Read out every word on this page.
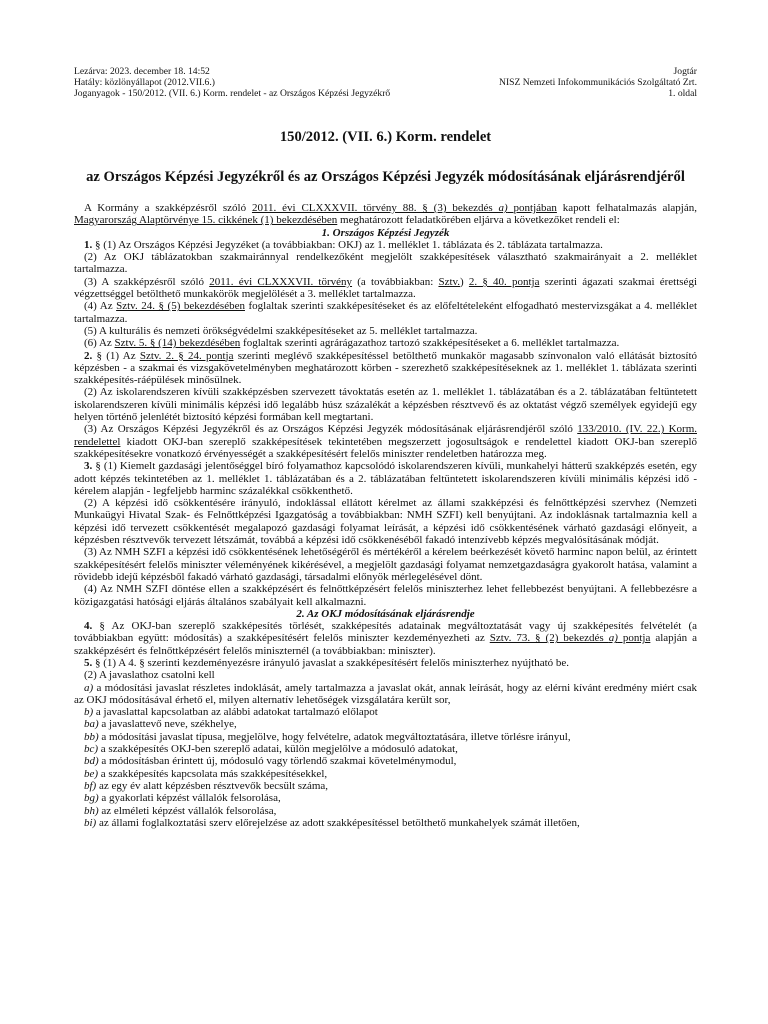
Lezárva: 2023. december 18. 14:52
Hatály: közlönyállapot (2012.VII.6.)
Joganyagok - 150/2012. (VII. 6.) Korm. rendelet - az Országos Képzési Jegyzékrő
Jogtár
NISZ Nemzeti Infokommunikációs Szolgáltató Zrt.
1. oldal
150/2012. (VII. 6.) Korm. rendelet
az Országos Képzési Jegyzékről és az Országos Képzési Jegyzék módosításának eljárásrendjéről

A Kormány a szakképzésről szóló 2011. évi CLXXXVII. törvény 88. § (3) bekezdés a) pontjában kapott felhatalmazás alapján, Magyarország Alaptörvénye 15. cikkének (1) bekezdésében meghatározott feladatkörében eljárva a következőket rendeli el:

1. Országos Képzési Jegyzék

1. § (1) Az Országos Képzési Jegyzéket (a továbbiakban: OKJ) az 1. melléklet 1. táblázata és 2. táblázata tartalmazza.

(2) Az OKJ táblázatokban szakmairánnyal rendelkezőként megjelölt szakképesítések választható szakmairányait a 2. melléklet tartalmazza.

(3) A szakképzésről szóló 2011. évi CLXXXVII. törvény (a továbbiakban: Sztv.) 2. § 40. pontja szerinti ágazati szakmai érettségi végzettséggel betölthető munkakörök megjelölését a 3. melléklet tartalmazza.

(4) Az Sztv. 24. § (5) bekezdésében foglaltak szerinti szakképesítéseket és az előfeltételeként elfogadható mestervizsgákat a 4. melléklet tartalmazza.

(5) A kulturális és nemzeti örökségvédelmi szakképesítéseket az 5. melléklet tartalmazza.

(6) Az Sztv. 5. § (14) bekezdésében foglaltak szerinti agrárágazathoz tartozó szakképesítéseket a 6. melléklet tartalmazza.

2. § (1) Az Sztv. 2. § 24. pontja szerinti meglévő szakképesítéssel betölthető munkakör magasabb színvonalon való ellátását biztosító képzésben - a szakmai és vizsgakövetelményben meghatározott körben - szerezhető szakképesítéseknek az 1. melléklet 1. táblázata szerinti szakképesítés-ráépülések minősülnek.

(2) Az iskolarendszeren kívüli szakképzésben szervezett távoktatás esetén az 1. melléklet 1. táblázatában és a 2. táblázatában feltüntetett iskolarendszeren kívüli minimális képzési idő legalább húsz százalékát a képzésben résztvevő és az oktatást végző személyek egyidejű egy helyen történő jelenlétét biztosító képzési formában kell megtartani.

(3) Az Országos Képzési Jegyzékről és az Országos Képzési Jegyzék módosításának eljárásrendjéről szóló 133/2010. (IV. 22.) Korm. rendelettel kiadott OKJ-ban szereplő szakképesítések tekintetében megszerzett jogosultságok e rendelettel kiadott OKJ-ban szereplő szakképesítésekre vonatkozó érvényességét a szakképesítésért felelős miniszter rendeletben határozza meg.

3. § (1) Kiemelt gazdasági jelentőséggel bíró folyamathoz kapcsolódó iskolarendszeren kívüli, munkahelyi hátterű szakképzés esetén, egy adott képzés tekintetében az 1. melléklet 1. táblázatában és a 2. táblázatában feltüntetett iskolarendszeren kívüli minimális képzési idő - kérelem alapján - legfeljebb harminc százalékkal csökkenthető.

(2) A képzési idő csökkentésére irányuló, indoklással ellátott kérelmet az állami szakképzési és felnőttképzési szervhez (Nemzeti Munkaügyi Hivatal Szak- és Felnőttképzési Igazgatóság a továbbiakban: NMH SZFI) kell benyújtani. Az indoklásnak tartalmaznia kell a képzési idő tervezett csökkentését megalapozó gazdasági folyamat leírását, a képzési idő csökkentésének várható gazdasági előnyeit, a képzésben résztvevők tervezett létszámát, továbbá a képzési idő csökkenéséből fakadó intenzívebb képzés megvalósításának módját.

(3) Az NMH SZFI a képzési idő csökkentésének lehetőségéről és mértékéről a kérelem beérkezését követő harminc napon belül, az érintett szakképesítésért felelős miniszter véleményének kikérésével, a megjelölt gazdasági folyamat nemzetgazdaságra gyakorolt hatása, valamint a rövidebb idejű képzésből fakadó várható gazdasági, társadalmi előnyök mérlegelésével dönt.

(4) Az NMH SZFI döntése ellen a szakképzésért és felnőttképzésért felelős miniszterhez lehet fellebbezést benyújtani. A fellebbezésre a közigazgatási hatósági eljárás általános szabályait kell alkalmazni.

2. Az OKJ módosításának eljárásrendje

4. § Az OKJ-ban szereplő szakképesítés törlését, szakképesítés adatainak megváltoztatását vagy új szakképesítés felvételét (a továbbiakban együtt: módosítás) a szakképesítésért felelős miniszter kezdeményezheti az Sztv. 73. § (2) bekezdés a) pontja alapján a szakképzésért és felnőttképzésért felelős miniszternél (a továbbiakban: miniszter).

5. § (1) A 4. § szerinti kezdeményezésre irányuló javaslat a szakképesítésért felelős miniszterhez nyújtható be.

(2) A javaslathoz csatolni kell

a) a módosítási javaslat részletes indoklását, amely tartalmazza a javaslat okát, annak leírását, hogy az elérni kívánt eredmény miért csak az OKJ módosításával érhető el, milyen alternatív lehetőségek vizsgálatára került sor,

b) a javaslattal kapcsolatban az alábbi adatokat tartalmazó előlapot

ba) a javaslattevő neve, székhelye,

bb) a módosítási javaslat típusa, megjelölve, hogy felvételre, adatok megváltoztatására, illetve törlésre irányul,

bc) a szakképesítés OKJ-ben szereplő adatai, külön megjelölve a módosuló adatokat,

bd) a módosításban érintett új, módosuló vagy törlendő szakmai követelménymodul,

be) a szakképesítés kapcsolata más szakképesítésekkel,

bf) az egy év alatt képzésben résztvevők becsült száma,

bg) a gyakorlati képzést vállalók felsorolása,

bh) az elméleti képzést vállalók felsorolása,

bi) az állami foglalkoztatási szerv előrejelzése az adott szakképesítéssel betölthető munkahelyek számát illetően,
